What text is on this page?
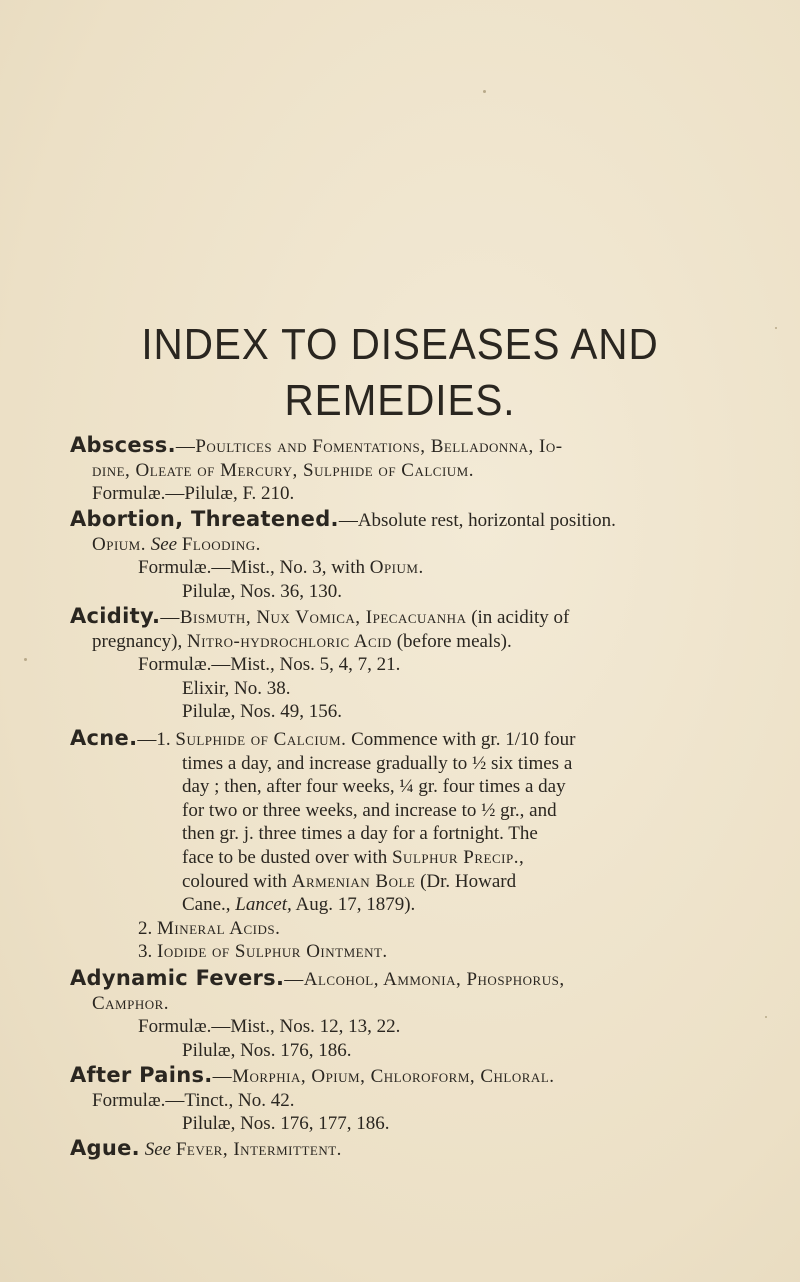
INDEX TO DISEASES AND
REMEDIES.
Abscess.—Poultices and Fomentations, Belladonna, Io-
dine, Oleate of Mercury, Sulphide of Calcium.
Formulæ.—Pilulæ, F. 210.
Abortion, Threatened.—Absolute rest, horizontal position.
Opium. See Flooding.
Formulæ.—Mist., No. 3, with Opium.
Pilulæ, Nos. 36, 130.
Acidity.—Bismuth, Nux Vomica, Ipecacuanha (in acidity of
pregnancy), Nitro-hydrochloric Acid (before meals).
Formulæ.—Mist., Nos. 5, 4, 7, 21.
Elixir, No. 38.
Pilulæ, Nos. 49, 156.
Acne.—1. Sulphide of Calcium. Commence with gr. 1/10 four
times a day, and increase gradually to ½ six times a
day ; then, after four weeks, ¼ gr. four times a day
for two or three weeks, and increase to ½ gr., and
then gr. j. three times a day for a fortnight. The
face to be dusted over with Sulphur Precip.,
coloured with Armenian Bole (Dr. Howard
Cane., Lancet, Aug. 17, 1879).
2. Mineral Acids.
3. Iodide of Sulphur Ointment.
Adynamic Fevers.—Alcohol, Ammonia, Phosphorus,
Camphor.
Formulæ.—Mist., Nos. 12, 13, 22.
Pilulæ, Nos. 176, 186.
After Pains.—Morphia, Opium, Chloroform, Chloral.
Formulæ.—Tinct., No. 42.
Pilulæ, Nos. 176, 177, 186.
Ague. See Fever, Intermittent.
